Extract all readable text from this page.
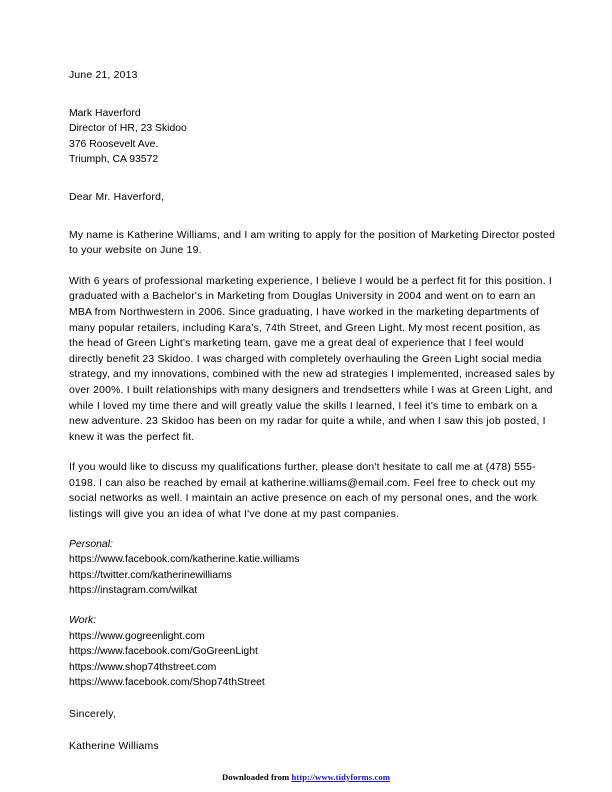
June 21, 2013
Mark Haverford
Director of HR, 23 Skidoo
376 Roosevelt Ave.
Triumph, CA 93572
Dear Mr. Haverford,

My name is Katherine Williams, and I am writing to apply for the position of Marketing Director posted to your website on June 19.

With 6 years of professional marketing experience, I believe I would be a perfect fit for this position. I graduated with a Bachelor's in Marketing from Douglas University in 2004 and went on to earn an MBA from Northwestern in 2006. Since graduating, I have worked in the marketing departments of many popular retailers, including Kara's, 74th Street, and Green Light. My most recent position, as the head of Green Light's marketing team, gave me a great deal of experience that I feel would directly benefit 23 Skidoo. I was charged with completely overhauling the Green Light social media strategy, and my innovations, combined with the new ad strategies I implemented, increased sales by over 200%. I built relationships with many designers and trendsetters while I was at Green Light, and while I loved my time there and will greatly value the skills I learned, I feel it's time to embark on a new adventure. 23 Skidoo has been on my radar for quite a while, and when I saw this job posted, I knew it was the perfect fit.

If you would like to discuss my qualifications further, please don't hesitate to call me at (478) 555-0198. I can also be reached by email at katherine.williams@email.com. Feel free to check out my social networks as well. I maintain an active presence on each of my personal ones, and the work listings will give you an idea of what I've done at my past companies.

Personal:
https://www.facebook.com/katherine.katie.williams
https://twitter.com/katherinewilliams
https://instagram.com/wilkat
Work:
https://www.gogreenlight.com
https://www.facebook.com/GoGreenLight
https://www.shop74thstreet.com
https://www.facebook.com/Shop74thStreet
Sincerely,
Katherine Williams
Downloaded from http://www.tidyforms.com
